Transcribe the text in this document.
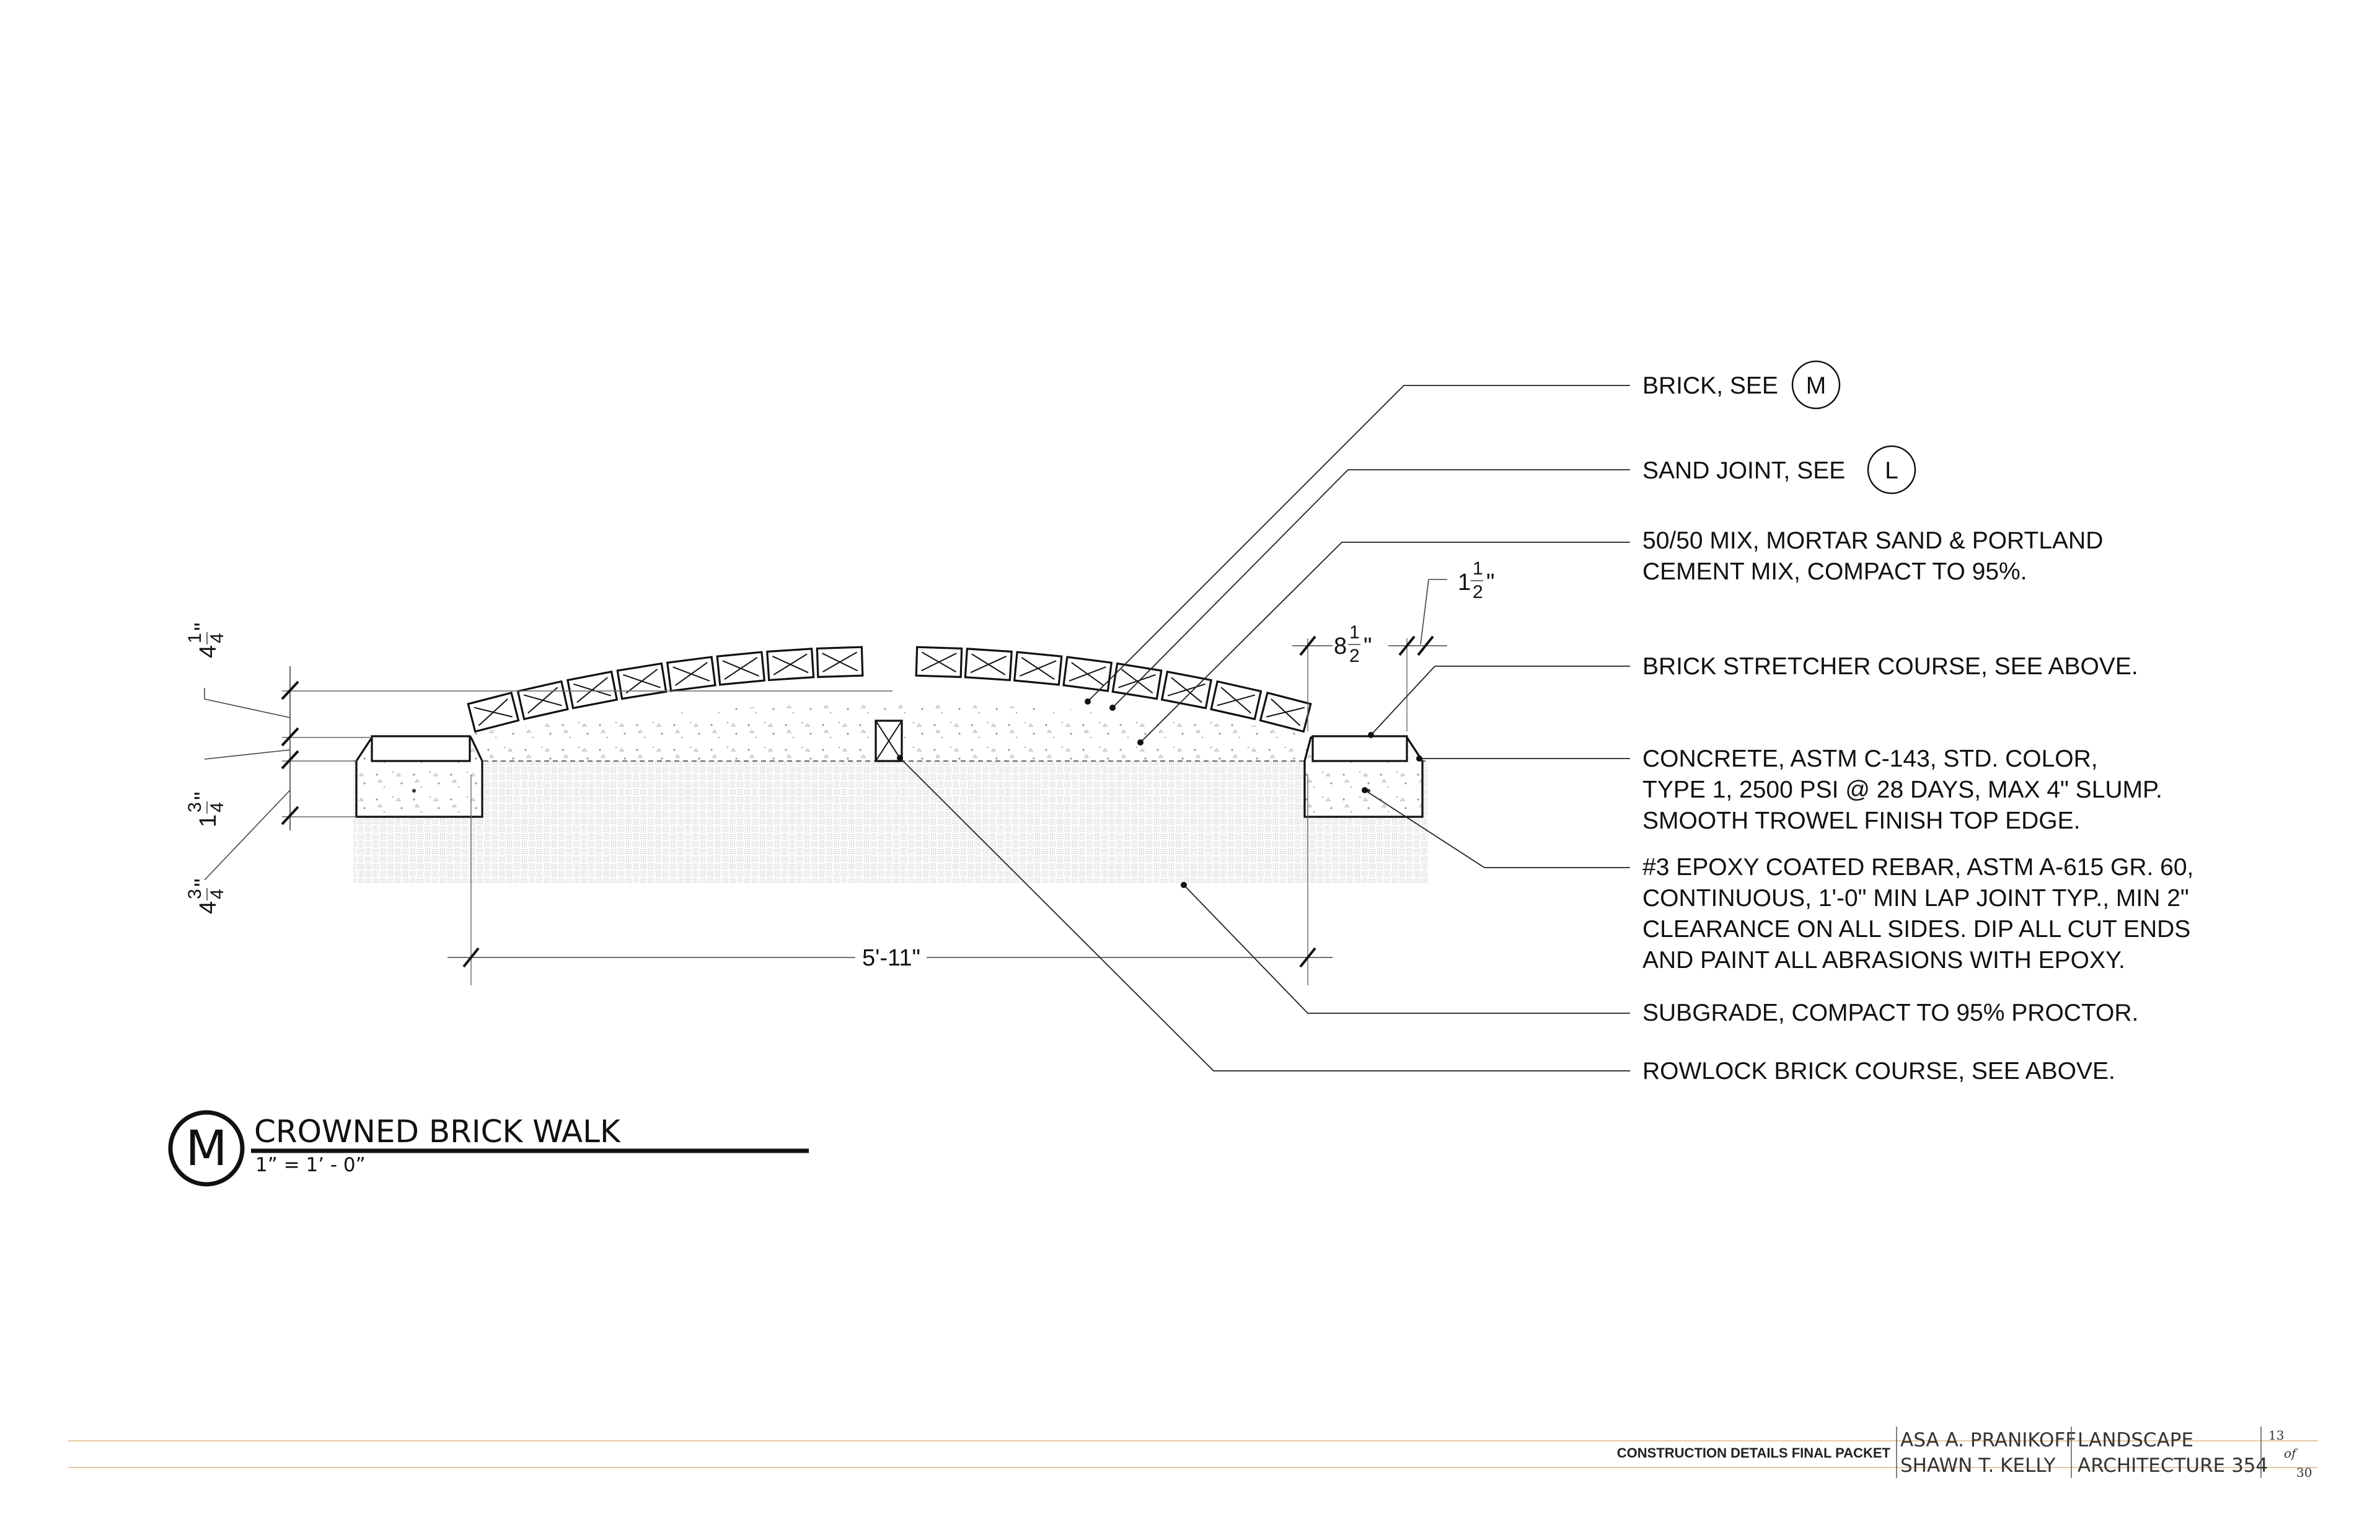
5'-11"
8
1
2 "
1
1
2 "
4
1 4
"
1
3 4
"
4
3 4
"
BRICK, SEE M
SAND JOINT, SEE L
50/50 MIX, MORTAR SAND & PORTLAND
CEMENT MIX, COMPACT TO 95%.
BRICK STRETCHER COURSE, SEE ABOVE.
CONCRETE, ASTM C-143, STD. COLOR,
TYPE 1, 2500 PSI @ 28 DAYS, MAX 4" SLUMP.
SMOOTH TROWEL FINISH TOP EDGE.
#3 EPOXY COATED REBAR, ASTM A-615 GR. 60,
CONTINUOUS, 1'-0" MIN LAP JOINT TYP., MIN 2"
CLEARANCE ON ALL SIDES. DIP ALL CUT ENDS
AND PAINT ALL ABRASIONS WITH EPOXY.
SUBGRADE, COMPACT TO 95% PROCTOR.
ROWLOCK BRICK COURSE, SEE ABOVE.
M CROWNED BRICK WALK
1” = 1’ - 0”
CONSTRUCTION DETAILS FINAL PACKET
ASA A. PRANIKOFF
SHAWN T. KELLY
LANDSCAPE
ARCHITECTURE 354
13
of
30
